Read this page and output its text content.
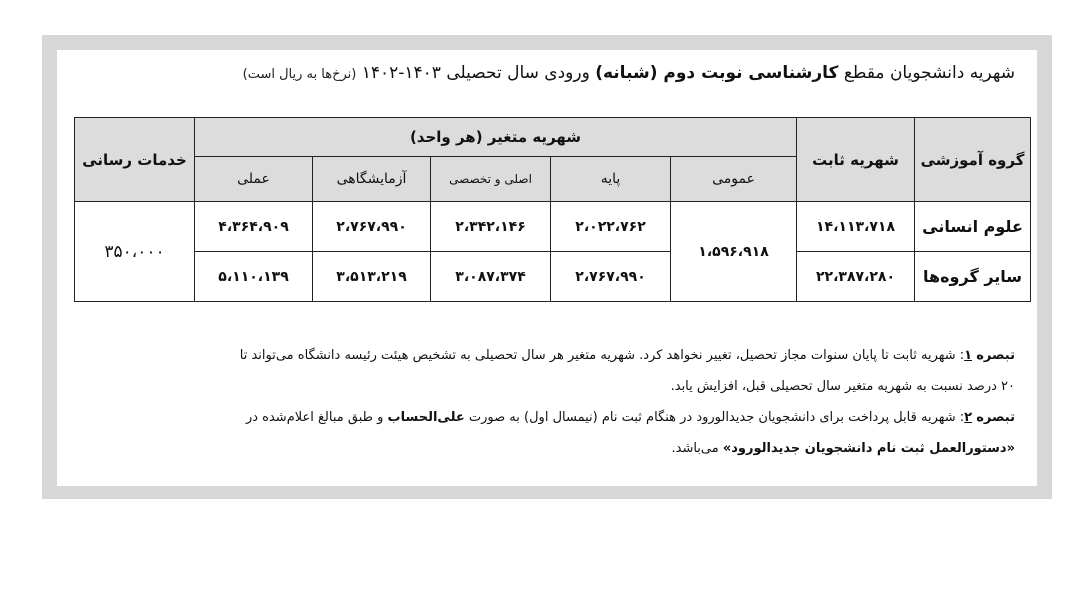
شهریه دانشجویان مقطع کارشناسی نوبت دوم (شبانه) ورودی سال تحصیلی ۱۴۰۳-۱۴۰۲ (نرخ‌ها به ریال است)
گروه آموزشی	شهریه ثابت	شهریه متغیر (هر واحد)					خدمات رسانی
		عمومی	پایه	اصلی و تخصصی	آزمایشگاهی	عملی	
علوم انسانی	۱۴،۱۱۳،۷۱۸	۱،۵۹۶،۹۱۸	۲،۰۲۲،۷۶۲	۲،۳۴۲،۱۴۶	۲،۷۶۷،۹۹۰	۴،۳۶۴،۹۰۹	۳۵۰،۰۰۰
سایر گروه‌ها	۲۲،۳۸۷،۲۸۰		۲،۷۶۷،۹۹۰	۳،۰۸۷،۳۷۴	۳،۵۱۳،۲۱۹	۵،۱۱۰،۱۳۹	

تبصره ۱: شهریه ثابت تا پایان سنوات مجاز تحصیل، تغییر نخواهد کرد. شهریه متغیر هر سال تحصیلی به تشخیص هیئت رئیسه دانشگاه می‌تواند تا

۲۰ درصد نسبت به شهریه متغیر سال تحصیلی قبل، افزایش یابد.

تبصره ۲: شهریه قابل پرداخت برای دانشجویان جدیدالورود در هنگام ثبت نام (نیمسال اول) به صورت علی‌الحساب و طبق مبالغ اعلام‌شده در

«دستورالعمل ثبت نام دانشجویان جدیدالورود» می‌باشد.
